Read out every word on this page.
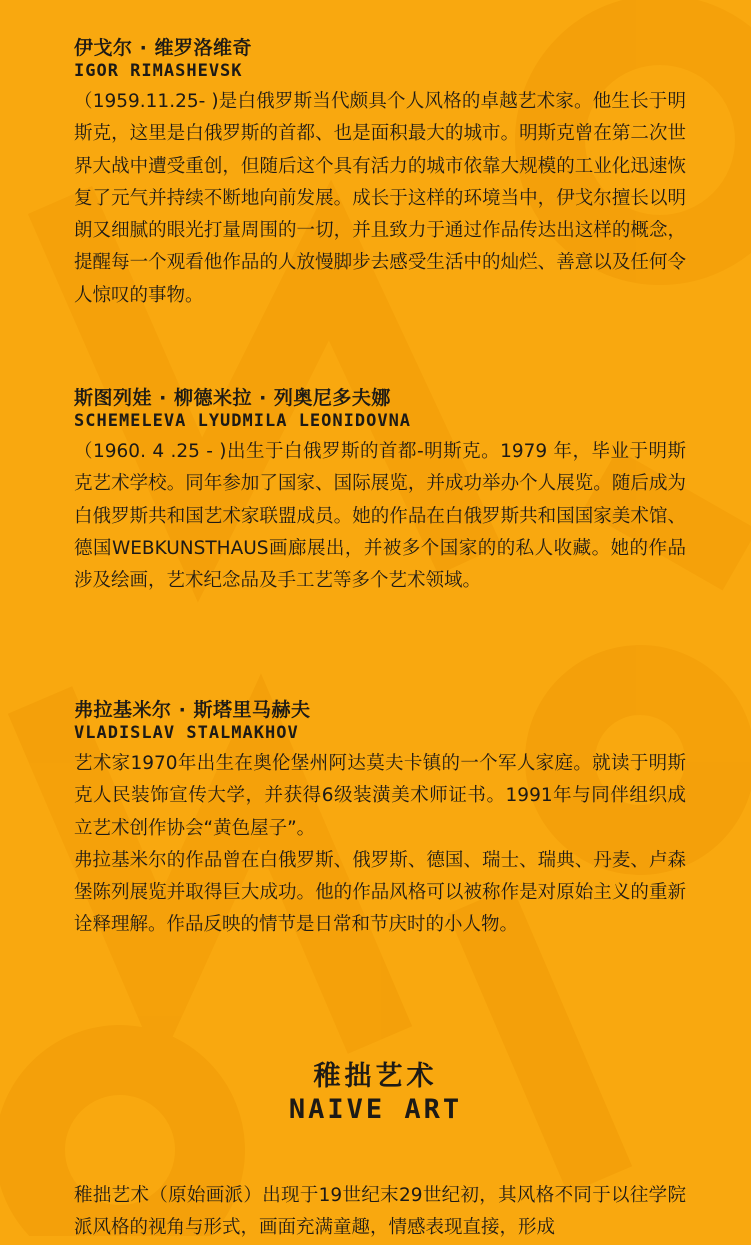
伊戈尔 · 维罗洛维奇

IGOR RIMASHEVSK

（1959.11.25- )是白俄罗斯当代颇具个人风格的卓越艺术家。他生长于明斯克，这里是白俄罗斯的首都、也是面积最大的城市。明斯克曾在第二次世界大战中遭受重创，但随后这个具有活力的城市依靠大规模的工业化迅速恢复了元气并持续不断地向前发展。成长于这样的环境当中，伊戈尔擅长以明朗又细腻的眼光打量周围的一切，并且致力于通过作品传达出这样的概念，提醒每一个观看他作品的人放慢脚步去感受生活中的灿烂、善意以及任何令人惊叹的事物。

斯图列娃 · 柳德米拉 · 列奥尼多夫娜

SCHEMELEVA LYUDMILA LEONIDOVNA

（1960. 4 .25 - )出生于白俄罗斯的首都-明斯克。1979 年，毕业于明斯克艺术学校。同年参加了国家、国际展览，并成功举办个人展览。随后成为白俄罗斯共和国艺术家联盟成员。她的作品在白俄罗斯共和国国家美术馆、德国WEBKUNSTHAUS画廊展出，并被多个国家的的私人收藏。她的作品涉及绘画，艺术纪念品及手工艺等多个艺术领域。

弗拉基米尔 · 斯塔里马赫夫

VLADISLAV STALMAKHOV

艺术家1970年出生在奥伦堡州阿达莫夫卡镇的一个军人家庭。就读于明斯克人民装饰宣传大学，并获得6级装潢美术师证书。1991年与同伴组织成立艺术创作协会“黄色屋子”。

弗拉基米尔的作品曾在白俄罗斯、俄罗斯、德国、瑞士、瑞典、丹麦、卢森堡陈列展览并取得巨大成功。他的作品风格可以被称作是对原始主义的重新诠释理解。作品反映的情节是日常和节庆时的小人物。

稚拙艺术
NAIVE ART

稚拙艺术（原始画派）出现于19世纪末29世纪初，其风格不同于以往学院派风格的视角与形式，画面充满童趣，情感表现直接，形成
